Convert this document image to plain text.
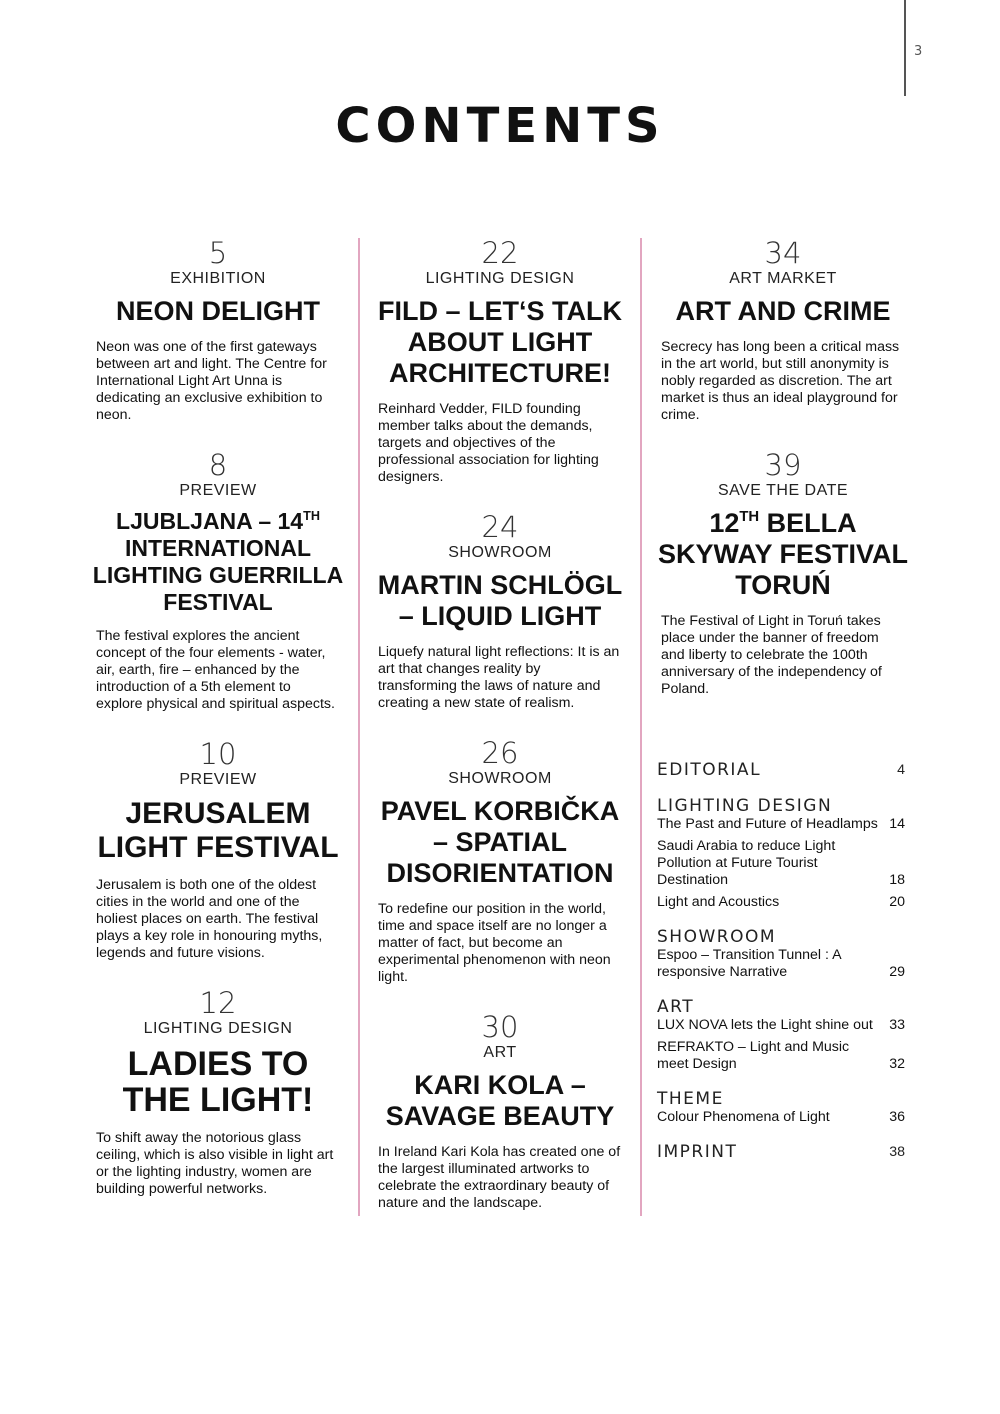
3
CONTENTS
5
EXHIBITION
NEON DELIGHT

Neon was one of the first gateways between art and light. The Centre for International Light Art Unna is dedicating an exclusive exhibition to neon.

8
PREVIEW
LJUBLJANA – 14TH INTERNATIONAL LIGHTING GUERRILLA FESTIVAL

The festival explores the ancient concept of the four elements - water, air, earth, fire – enhanced by the introduction of a 5th element to explore physical and spiritual aspects.

10
PREVIEW
JERUSALEM LIGHT FESTIVAL

Jerusalem is both one of the oldest cities in the world and one of the holiest places on earth. The festival plays a key role in honouring myths, legends and future visions.

12
LIGHTING DESIGN
LADIES TO THE LIGHT!

To shift away the notorious glass ceiling, which is also visible in light art or the lighting industry, women are building powerful networks.

22
LIGHTING DESIGN
FILD – LET‘S TALK ABOUT LIGHT ARCHITECTURE!

Reinhard Vedder, FILD founding member talks about the demands, targets and objectives of the professional association for lighting designers.

24
SHOWROOM
MARTIN SCHLÖGL – LIQUID LIGHT

Liquefy natural light reflections: It is an art that changes reality by transforming the laws of nature and creating a new state of realism.

26
SHOWROOM
PAVEL KORBIČKA – SPATIAL DISORIENTATION

To redefine our position in the world, time and space itself are no longer a matter of fact, but become an experimental phenomenon with neon light.

30
ART
KARI KOLA – SAVAGE BEAUTY

In Ireland Kari Kola has created one of the largest illuminated artworks to celebrate the extraordinary beauty of nature and the landscape.

34
ART MARKET
ART AND CRIME

Secrecy has long been a critical mass in the art world, but still anonymity is nobly regarded as discretion. The art market is thus an ideal playground for crime.

39
SAVE THE DATE
12TH BELLA SKYWAY FESTIVAL TORUŃ

The Festival of Light in Toruń takes place under the banner of freedom and liberty to celebrate the 100th anniversary of the independency of Poland.

EDITORIAL	4
LIGHTING DESIGN
The Past and Future of Headlamps 14
Saudi Arabia to reduce Light Pollution at Future Tourist Destination	18
Light and Acoustics	20
SHOWROOM
Espoo – Transition Tunnel : A responsive Narrative	29
ART
LUX NOVA lets the Light shine out 33
REFRAKTO – Light and Music meet Design	32
THEME
Colour Phenomena of Light	36
IMPRINT	38
